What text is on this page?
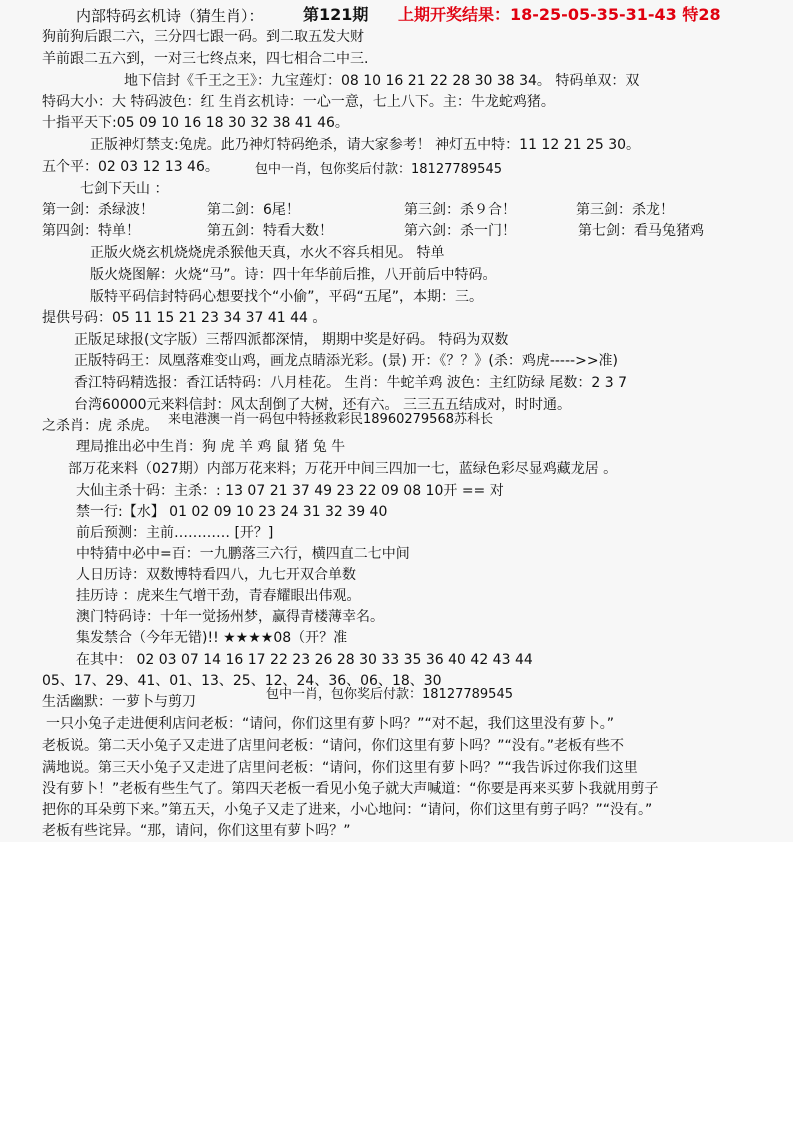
内部特码玄机诗（猜生肖）： 第121期 上期开奖结果：18-25-05-35-31-43 特28
狗前狗后跟二六，三分四七跟一码。到二取五发大财
羊前跟二五六到，一对三七终点来，四七相合二中三.
地下信封《千王之王》：九宝莲灯：08 10 16 21 22 28 30 38 34。 特码单双：双
特码大小：大 特码波色：红 生肖玄机诗：一心一意，七上八下。主：牛龙蛇鸡猪。
十指平天下:05 09 10 16 18 30 32 38 41 46。
正版神灯禁支:兔虎。此乃神灯特码绝杀，请大家参考！ 神灯五中特：11 12 21 25 30。
五个平：02 03 12 13 46。	包中一肖，包你奖后付款：18127789545
七剑下天山 ：
第一剑：杀绿波！	第二剑：6尾！	第三剑：杀９合！	第三剑：杀龙！
第四剑：特单！	第五剑：特看大数！	第六剑：杀一门！	第七剑：看马兔猪鸡
正版火烧玄机烧烧虎杀猴他天真，水火不容兵相见。 特单
版火烧图解：火烧“马”。诗：四十年华前后推，八开前后中特码。
版特平码信封特码心想要找个“小偷”，平码“五尾”，本期：三。
提供号码：05 11 15 21 23 34 37 41 44 。
正版足球报(文字版）三帮四派都深情， 期期中奖是好码。 特码为双数
正版特码王：凤凰落难变山鸡，画龙点睛添光彩。(景) 开：《？？》(杀：鸡虎----->>准)
香江特码精选报：香江话特码：八月桂花。 生肖：牛蛇羊鸡 波色：主红防绿 尾数：2 3 7
台湾60000元来料信封：风太刮倒了大树，还有六。 三三五五结成对，时时通。
来电港澳一肖一码包中特拯救彩民18960279568苏科长
之杀肖：虎 杀虎。
理局推出必中生肖：狗 虎 羊 鸡 鼠 猪 兔 牛
部万花来料（027期）内部万花来料；万花开中间三四加一七，蓝绿色彩尽显鸡藏龙居 。
大仙主杀十码：主杀：: 13 07 21 37 49 23 22 09 08 10开 == 对
禁一行:【水】 01 02 09 10 23 24 31 32 39 40
前后预测：主前………… [开？]
中特猜中必中=百：一九鹏落三六行，横四直二七中间
人日历诗：双数博特看四八，九七开双合单数
挂历诗 ：虎来生气增干劲，青春耀眼出伟观。
澳门特码诗：十年一觉扬州梦，赢得青楼薄幸名。
集发禁合（今年无错)!! ★★★★08（开？准
在其中： 02 03 07 14 16 17 22 23 26 28 30 33 35 36 40 42 43 44
05、17、29、41、01、13、25、12、24、36、06、18、30
生活幽默：一萝卜与剪刀	包中一肖，包你奖后付款：18127789545
一只小兔子走进便利店问老板：“请问，你们这里有萝卜吗？”“对不起，我们这里没有萝卜。”
老板说。第二天小兔子又走进了店里问老板：“请问，你们这里有萝卜吗？”“没有。”老板有些不
满地说。第三天小兔子又走进了店里问老板：“请问，你们这里有萝卜吗？”“我告诉过你我们这里
没有萝卜！”老板有些生气了。第四天老板一看见小兔子就大声喊道：“你要是再来买萝卜我就用剪子
把你的耳朵剪下来。”第五天，小兔子又走了进来，小心地问：“请问，你们这里有剪子吗？”“没有。”
老板有些诧异。“那，请问，你们这里有萝卜吗？”
